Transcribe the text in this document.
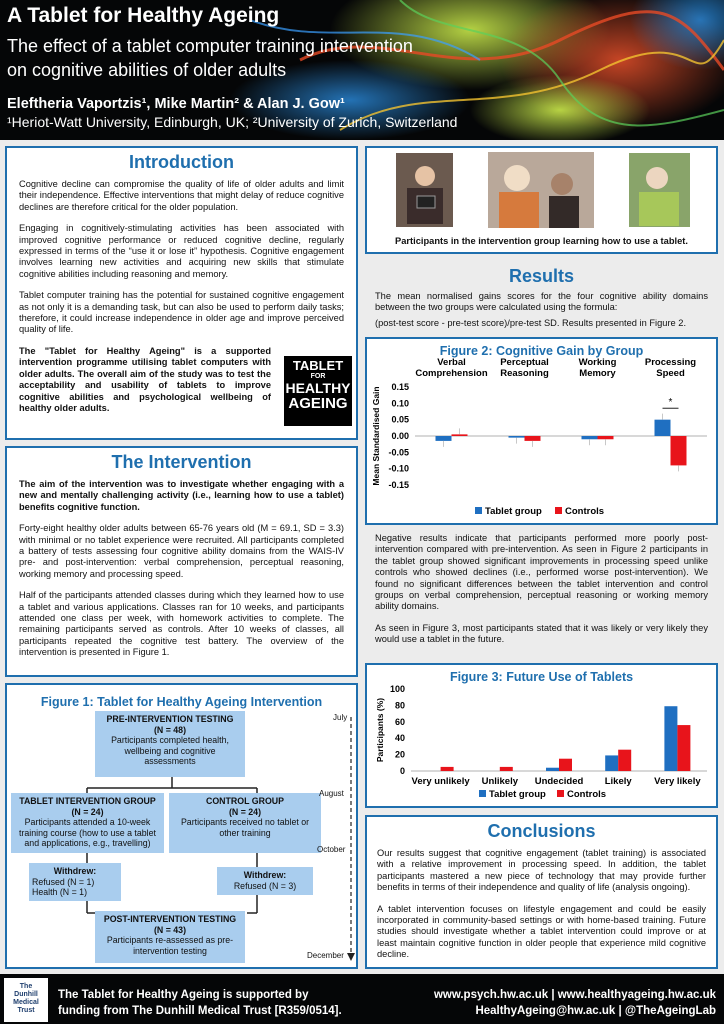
A Tablet for Healthy Ageing
The effect of a tablet computer training intervention
on cognitive abilities of older adults
Eleftheria Vaportzis¹, Mike Martin² & Alan J. Gow¹
¹Heriot-Watt University, Edinburgh, UK; ²University of Zurich, Switzerland
Introduction

Cognitive decline can compromise the quality of life of older adults and limit their independence. Effective interventions that might delay of reduce cognitive declines are therefore critical for the older population.

Engaging in cognitively-stimulating activities has been associated with improved cognitive performance or reduced cognitive decline, regularly expressed in terms of the “use it or lose it” hypothesis. Cognitive engagement involves learning new activities and acquiring new skills that stimulate cognitive abilities including reasoning and memory.

Tablet computer training has the potential for sustained cognitive engagement as not only it is a demanding task, but can also be used to perform daily tasks; therefore, it could increase independence in older age and improve perceived quality of life.

The "Tablet for Healthy Ageing" is a supported intervention programme utilising tablet computers with older adults. The overall aim of the study was to test the acceptability and usability of tablets to improve cognitive abilities and psychological wellbeing of healthy older adults.

TABLET
FOR
HEALTHY
AGEING
The Intervention

The aim of the intervention was to investigate whether engaging with a new and mentally challenging activity (i.e., learning how to use a tablet) benefits cognitive function.

Forty-eight healthy older adults between 65-76 years old (M = 69.1, SD = 3.3) with minimal or no tablet experience were recruited. All participants completed a battery of tests assessing four cognitive ability domains from the WAIS-IV pre- and post-intervention: verbal comprehension, perceptual reasoning, working memory and processing speed.

Half of the participants attended classes during which they learned how to use a tablet and various applications. Classes ran for 10 weeks, and participants attended one class per week, with homework activities to complete. The remaining participants served as controls. After 10 weeks of classes, all participants repeated the cognitive test battery. The overview of the intervention is presented in Figure 1.

Figure 1: Tablet for Healthy Ageing Intervention
PRE-INTERVENTION TESTING
(N = 48)
Participants completed health, wellbeing and cognitive assessments
TABLET INTERVENTION GROUP
(N = 24)
Participants attended a 10-week training course (how to use a tablet and applications, e.g., travelling)
CONTROL GROUP
(N = 24)
Participants received no tablet or other training
Withdrew:
Refused (N = 1)
Health (N = 1)
Withdrew:
Refused (N = 3)
POST-INTERVENTION TESTING
(N = 43)
Participants re-assessed as pre-intervention testing
July
August
October
December
Participants in the intervention group learning how to use a tablet.
Results

The mean normalised gains scores for the four cognitive ability domains between the two groups were calculated using the formula:

(post-test score - pre-test score)/pre-test SD. Results presented in Figure 2.

Figure 2: Cognitive Gain by Group
0.15
0.10
0.05
0.00
-0.05
-0.10
-0.15
Mean Standardised Gain
Verbal
Comprehension
Perceptual
Reasoning
Working
Memory
Processing
Speed
*
Tablet group Controls

Negative results indicate that participants performed more poorly post-intervention compared with pre-intervention. As seen in Figure 2 participants in the tablet group showed significant improvements in processing speed unlike controls who showed declines (i.e., performed worse post-intervention). We found no significant differences between the tablet intervention and control groups on verbal comprehension, perceptual reasoning or working memory ability domains.

As seen in Figure 3, most participants stated that it was likely or very likely they would use a tablet in the future.

Figure 3: Future Use of Tablets
100
80
60
40
20
0
Participants (%)
Very unlikely Unlikely Undecided Likely Very likely
Tablet group Controls
Conclusions

Our results suggest that cognitive engagement (tablet training) is associated with a relative improvement in processing speed. In addition, the tablet participants mastered a new piece of technology that may provide further benefits in terms of their independence and quality of life (analysis ongoing).

A tablet intervention focuses on lifestyle engagement and could be easily incorporated in community-based settings or with home-based training. Future studies should investigate whether a tablet intervention could improve or at least maintain cognitive function in older people that experience mild cognitive decline.

The
Dunhill
Medical
Trust
The Tablet for Healthy Ageing is supported by
funding from The Dunhill Medical Trust [R359/0514].
www.psych.hw.ac.uk | www.healthyageing.hw.ac.uk
HealthyAgeing@hw.ac.uk | @TheAgeingLab
